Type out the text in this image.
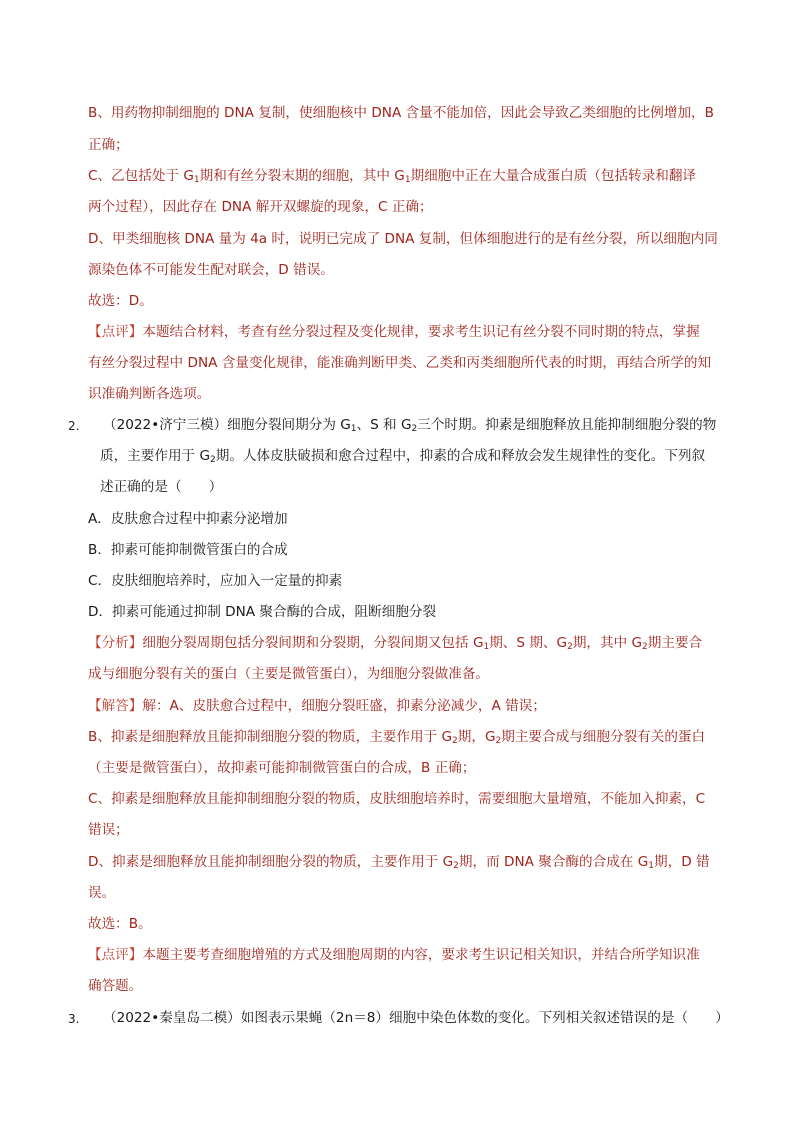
B、用药物抑制细胞的 DNA 复制，使细胞核中 DNA 含量不能加倍，因此会导致乙类细胞的比例增加，B
正确；
C、乙包括处于 $G_1$期和有丝分裂末期的细胞，其中 $G_1$期细胞中正在大量合成蛋白质（包括转录和翻译
两个过程），因此存在 DNA 解开双螺旋的现象，C 正确；
D、甲类细胞核 DNA 量为 4a 时，说明已完成了 DNA 复制，但体细胞进行的是有丝分裂，所以细胞内同
源染色体不可能发生配对联会，D 错误。
故选：D。
【点评】本题结合材料，考查有丝分裂过程及变化规律，要求考生识记有丝分裂不同时期的特点，掌握
有丝分裂过程中 DNA 含量变化规律，能准确判断甲类、乙类和丙类细胞所代表的时期，再结合所学的知
识准确判断各选项。
2. （2022•济宁三模）细胞分裂间期分为 $G_1$、S 和 $G_2$三个时期。抑素是细胞释放且能抑制细胞分裂的物
质，主要作用于 $G_2$期。人体皮肤破损和愈合过程中，抑素的合成和释放会发生规律性的变化。下列叙
述正确的是（　　）
A．皮肤愈合过程中抑素分泌增加
B．抑素可能抑制微管蛋白的合成
C．皮肤细胞培养时，应加入一定量的抑素
D．抑素可能通过抑制 DNA 聚合酶的合成，阻断细胞分裂
【分析】细胞分裂周期包括分裂间期和分裂期，分裂间期又包括 $G_1$期、S 期、$G_2$期，其中 $G_2$期主要合
成与细胞分裂有关的蛋白（主要是微管蛋白），为细胞分裂做准备。
【解答】解：A、皮肤愈合过程中，细胞分裂旺盛，抑素分泌减少，A 错误；
B、抑素是细胞释放且能抑制细胞分裂的物质，主要作用于 $G_2$期，$G_2$期主要合成与细胞分裂有关的蛋白
（主要是微管蛋白），故抑素可能抑制微管蛋白的合成，B 正确；
C、抑素是细胞释放且能抑制细胞分裂的物质，皮肤细胞培养时，需要细胞大量增殖，不能加入抑素，C
错误；
D、抑素是细胞释放且能抑制细胞分裂的物质，主要作用于 $G_2$期，而 DNA 聚合酶的合成在 $G_1$期，D 错
误。
故选：B。
【点评】本题主要考查细胞增殖的方式及细胞周期的内容，要求考生识记相关知识，并结合所学知识准
确答题。
3. （2022•秦皇岛二模）如图表示果蝇（2n＝8）细胞中染色体数的变化。下列相关叙述错误的是（　　）
